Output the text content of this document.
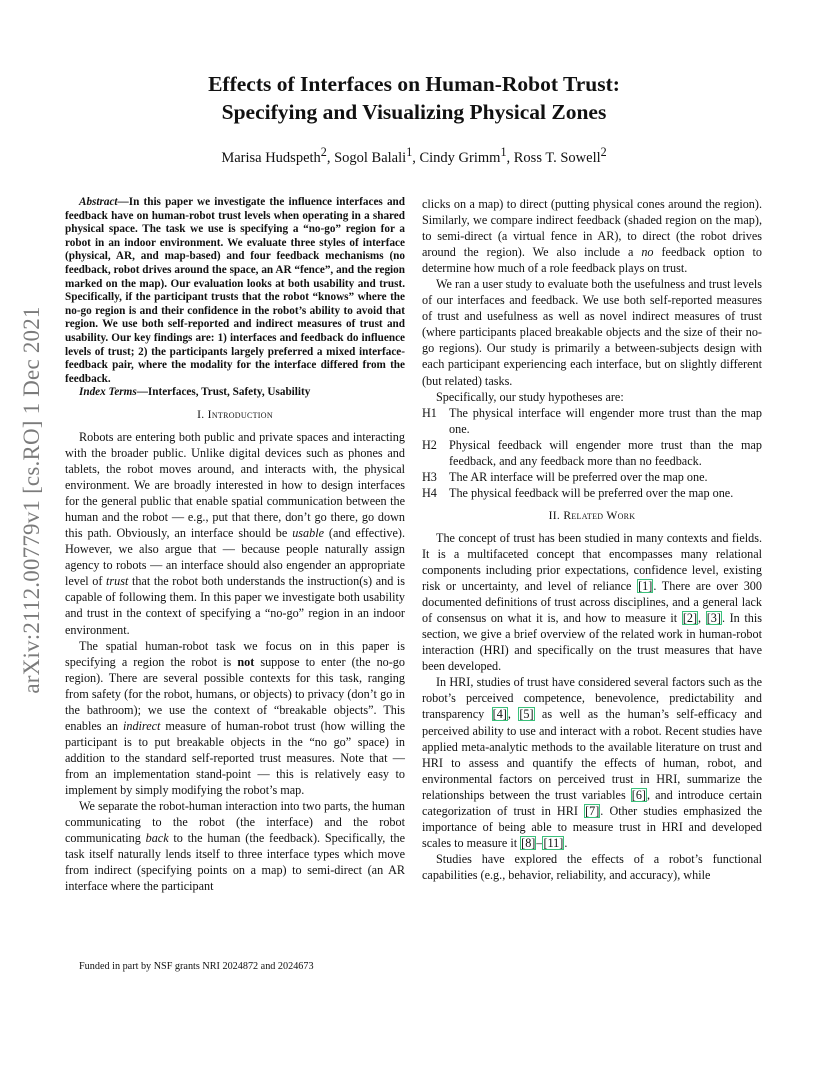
arXiv:2112.00779v1 [cs.RO] 1 Dec 2021
Effects of Interfaces on Human-Robot Trust:
Specifying and Visualizing Physical Zones
Marisa Hudspeth$^2$, Sogol Balali$^1$, Cindy Grimm$^1$, Ross T. Sowell$^2$

Abstract—In this paper we investigate the influence interfaces and feedback have on human-robot trust levels when operating in a shared physical space. The task we use is specifying a “no-go” region for a robot in an indoor environment. We evaluate three styles of interface (physical, AR, and map-based) and four feedback mechanisms (no feedback, robot drives around the space, an AR “fence”, and the region marked on the map). Our evaluation looks at both usability and trust. Specifically, if the participant trusts that the robot “knows” where the no-go region is and their confidence in the robot’s ability to avoid that region. We use both self-reported and indirect measures of trust and usability. Our key findings are: 1) interfaces and feedback do influence levels of trust; 2) the participants largely preferred a mixed interface-feedback pair, where the modality for the interface differed from the feedback.

Index Terms—Interfaces, Trust, Safety, Usability

I. Introduction

Robots are entering both public and private spaces and interacting with the broader public. Unlike digital devices such as phones and tablets, the robot moves around, and interacts with, the physical environment. We are broadly interested in how to design interfaces for the general public that enable spatial communication between the human and the robot — e.g., put that there, don’t go there, go down this path. Obviously, an interface should be usable (and effective). However, we also argue that — because people naturally assign agency to robots — an interface should also engender an appropriate level of trust that the robot both understands the instruction(s) and is capable of following them. In this paper we investigate both usability and trust in the context of specifying a “no-go” region in an indoor environment.

The spatial human-robot task we focus on in this paper is specifying a region the robot is not suppose to enter (the no-go region). There are several possible contexts for this task, ranging from safety (for the robot, humans, or objects) to privacy (don’t go in the bathroom); we use the context of “breakable objects”. This enables an indirect measure of human-robot trust (how willing the participant is to put breakable objects in the “no go” space) in addition to the standard self-reported trust measures. Note that — from an implementation stand-point — this is relatively easy to implement by simply modifying the robot’s map.

We separate the robot-human interaction into two parts, the human communicating to the robot (the interface) and the robot communicating back to the human (the feedback). Specifically, the task itself naturally lends itself to three interface types which move from indirect (specifying points on a map) to semi-direct (an AR interface where the participant

clicks on a map) to direct (putting physical cones around the region). Similarly, we compare indirect feedback (shaded region on the map), to semi-direct (a virtual fence in AR), to direct (the robot drives around the region). We also include a no feedback option to determine how much of a role feedback plays on trust.

We ran a user study to evaluate both the usefulness and trust levels of our interfaces and feedback. We use both self-reported measures of trust and usefulness as well as novel indirect measures of trust (where participants placed breakable objects and the size of their no-go regions). Our study is primarily a between-subjects design with each participant experiencing each interface, but on slightly different (but related) tasks.

Specifically, our study hypotheses are:

H1 The physical interface will engender more trust than the map one.
H2 Physical feedback will engender more trust than the map feedback, and any feedback more than no feedback.
H3 The AR interface will be preferred over the map one.
H4 The physical feedback will be preferred over the map one.
II. Related Work

The concept of trust has been studied in many contexts and fields. It is a multifaceted concept that encompasses many relational components including prior expectations, confidence level, existing risk or uncertainty, and level of reliance [1]. There are over 300 documented definitions of trust across disciplines, and a general lack of consensus on what it is, and how to measure it [2], [3]. In this section, we give a brief overview of the related work in human-robot interaction (HRI) and specifically on the trust measures that have been developed.

In HRI, studies of trust have considered several factors such as the robot’s perceived competence, benevolence, predictability and transparency [4], [5] as well as the human’s self-efficacy and perceived ability to use and interact with a robot. Recent studies have applied meta-analytic methods to the available literature on trust and HRI to assess and quantify the effects of human, robot, and environmental factors on perceived trust in HRI, summarize the relationships between the trust variables [6], and introduce certain categorization of trust in HRI [7]. Other studies emphasized the importance of being able to measure trust in HRI and developed scales to measure it [8]–[11].

Studies have explored the effects of a robot’s functional capabilities (e.g., behavior, reliability, and accuracy), while

Funded in part by NSF grants NRI 2024872 and 2024673
